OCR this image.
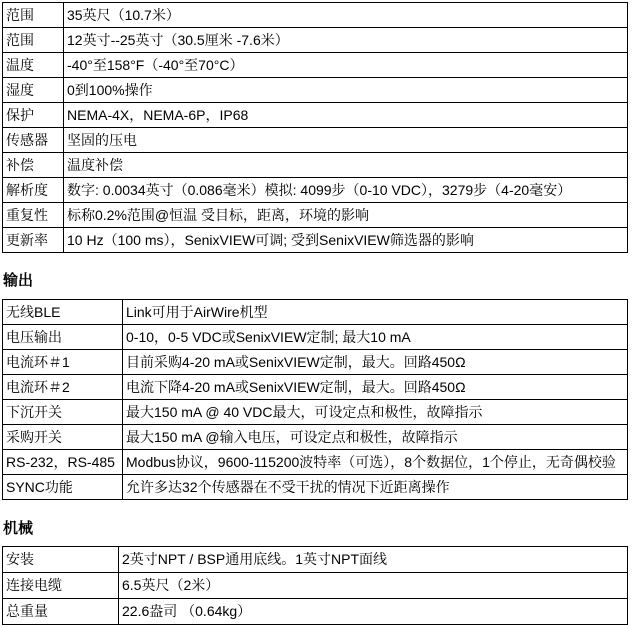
范围	35英尺（10.7米）
范围	12英寸--25英寸（30.5厘米 -7.6米）
温度	-40°至158°F（-40°至70°C）
湿度	0到100%操作
保护	NEMA-4X，NEMA-6P，IP68
传感器	坚固的压电
补偿	温度补偿
解析度	数字: 0.0034英寸（0.086毫米）模拟: 4099步（0-10 VDC），3279步（4-20毫安）
重复性	标称0.2%范围@恒温 受目标，距离，环境的影响
更新率	10 Hz（100 ms），SenixVIEW可调; 受到SenixVIEW筛选器的影响
输出
无线BLE	Link可用于AirWire机型
电压输出	0-10，0-5 VDC或SenixVIEW定制; 最大10 mA
电流环＃1	目前采购4-20 mA或SenixVIEW定制，最大。回路450Ω
电流环＃2	电流下降4-20 mA或SenixVIEW定制，最大。回路450Ω
下沉开关	最大150 mA @ 40 VDC最大，可设定点和极性，故障指示
采购开关	最大150 mA @输入电压，可设定点和极性，故障指示
RS-232，RS-485	Modbus协议，9600-115200波特率（可选），8个数据位，1个停止，无奇偶校验
SYNC功能	允许多达32个传感器在不受干扰的情况下近距离操作
机械
安装	2英寸NPT / BSP通用底线。1英寸NPT面线
连接电缆	6.5英尺（2米）
总重量	22.6盎司 （0.64kg）
